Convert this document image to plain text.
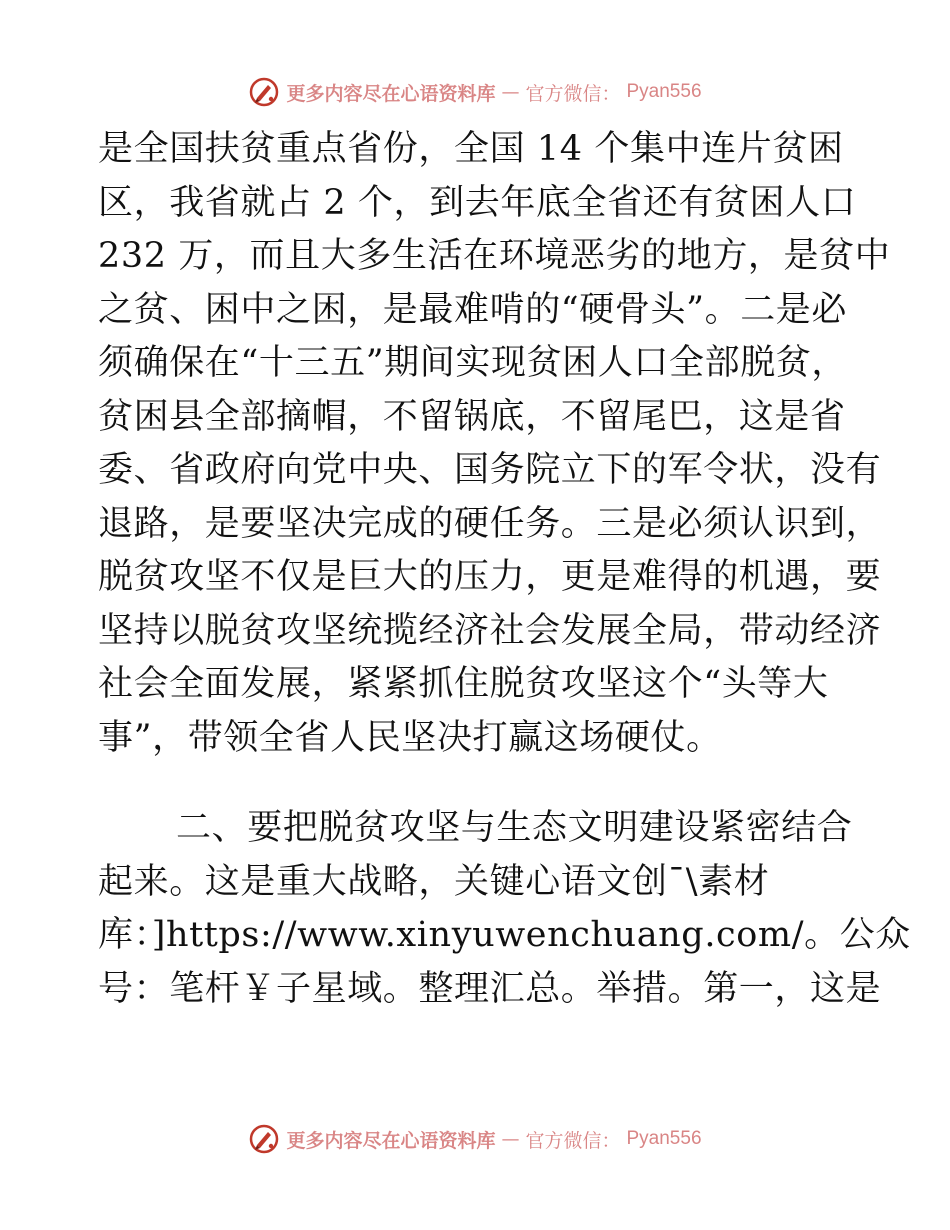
更多内容尽在心语资料库 — 官方微信： Pyan556
是全国扶贫重点省份，全国 14 个集中连片贫困
区，我省就占 2 个，到去年底全省还有贫困人口
232 万，而且大多生活在环境恶劣的地方，是贫中
之贫、困中之困，是最难啃的“硬骨头”。二是必
须确保在“十三五”期间实现贫困人口全部脱贫，
贫困县全部摘帽，不留锅底，不留尾巴，这是省
委、省政府向党中央、国务院立下的军令状，没有
退路，是要坚决完成的硬任务。三是必须认识到，
脱贫攻坚不仅是巨大的压力，更是难得的机遇，要
坚持以脱贫攻坚统揽经济社会发展全局，带动经济
社会全面发展，紧紧抓住脱贫攻坚这个“头等大
事”，带领全省人民坚决打赢这场硬仗。
二、要把脱贫攻坚与生态文明建设紧密结合
起来。这是重大战略，关键心语文创¯\素材
库：]https://www.xinyuwenchuang.com/。公众
号：笔杆￥子星域。整理汇总。举措。第一，这是
更多内容尽在心语资料库 — 官方微信： Pyan556
